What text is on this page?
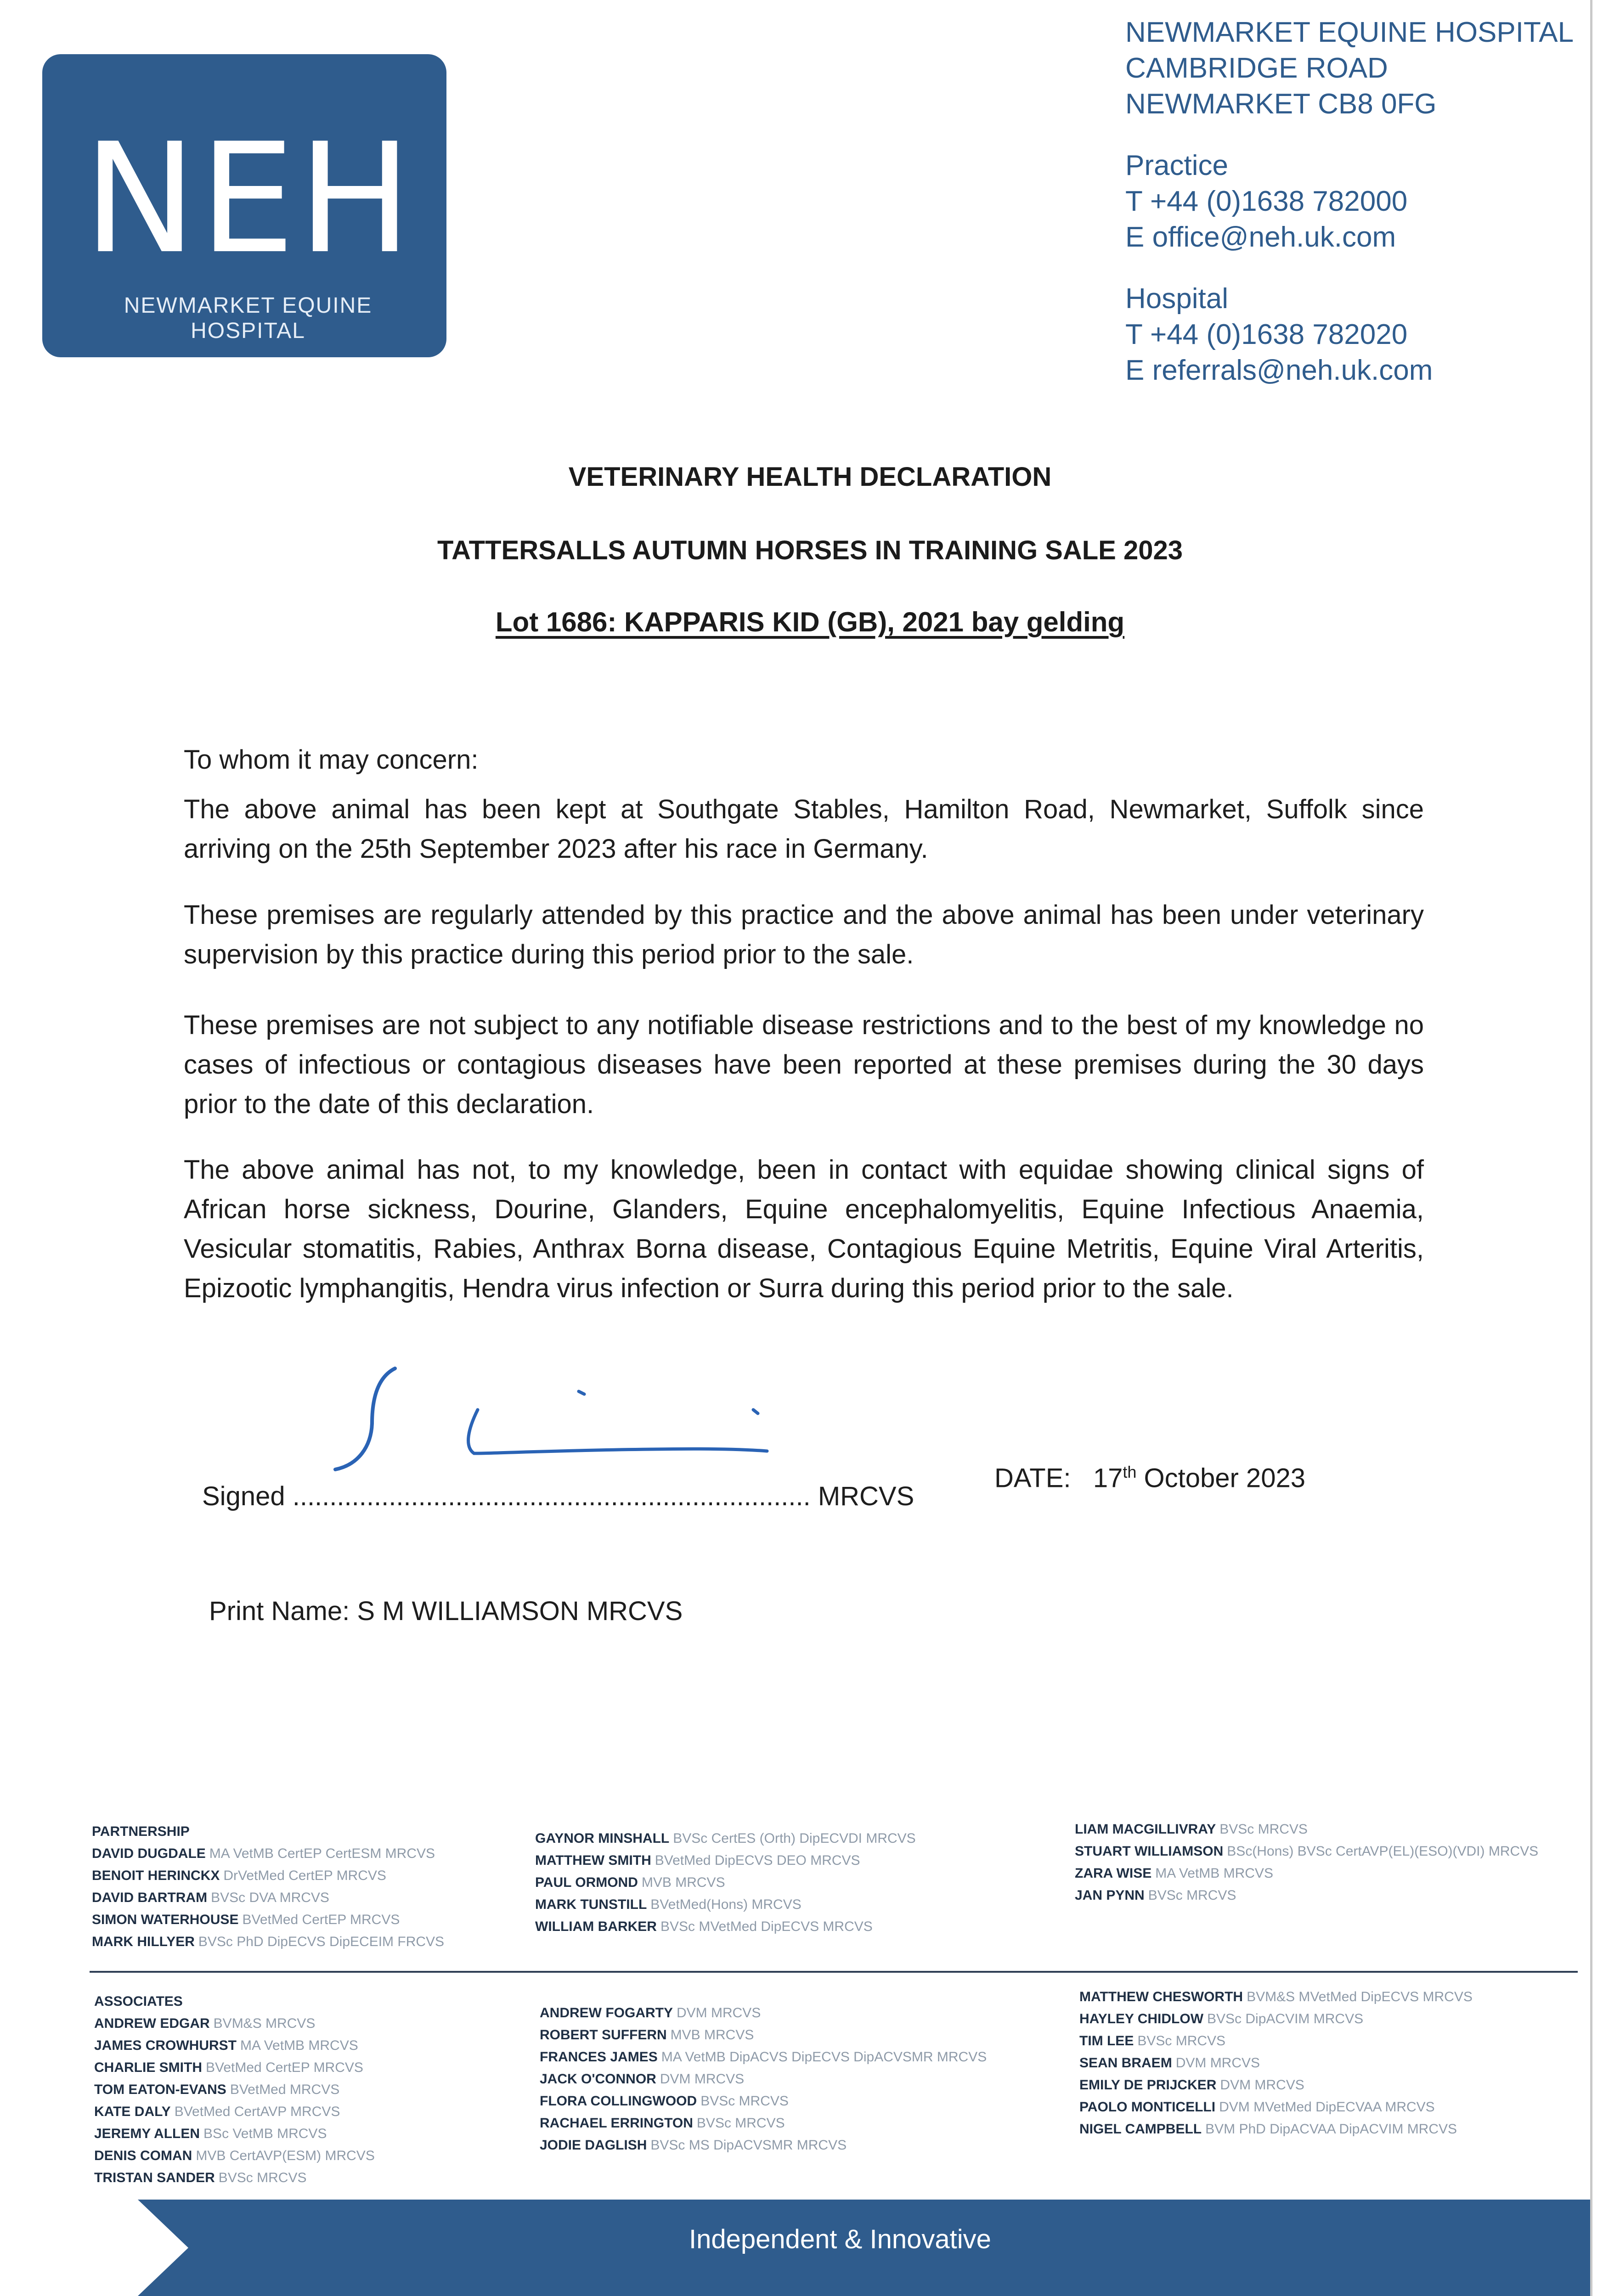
NEH
NEWMARKET EQUINE HOSPITAL
NEWMARKET EQUINE HOSPITAL
CAMBRIDGE ROAD
NEWMARKET CB8 0FG
Practice
T +44 (0)1638 782000
E office@neh.uk.com
Hospital
T +44 (0)1638 782020
E referrals@neh.uk.com
VETERINARY HEALTH DECLARATION
TATTERSALLS AUTUMN HORSES IN TRAINING SALE 2023
Lot 1686: KAPPARIS KID (GB), 2021 bay gelding
To whom it may concern:
The above animal has been kept at Southgate Stables, Hamilton Road, Newmarket, Suffolk since arriving on the 25th September 2023 after his race in Germany.
These premises are regularly attended by this practice and the above animal has been under veterinary supervision by this practice during this period prior to the sale.
These premises are not subject to any notifiable disease restrictions and to the best of my knowledge no cases of infectious or contagious diseases have been reported at these premises during the 30 days prior to the date of this declaration.
The above animal has not, to my knowledge, been in contact with equidae showing clinical signs of African horse sickness, Dourine, Glanders, Equine encephalomyelitis, Equine Infectious Anaemia, Vesicular stomatitis, Rabies, Anthrax Borna disease, Contagious Equine Metritis, Equine Viral Arteritis, Epizootic lymphangitis, Hendra virus infection or Surra during this period prior to the sale.
Signed ...................................................................... MRCVS
DATE: 17th October 2023
Print Name: S M WILLIAMSON MRCVS
PARTNERSHIP
DAVID DUGDALE MA VetMB CertEP CertESM MRCVS
BENOIT HERINCKX DrVetMed CertEP MRCVS
DAVID BARTRAM BVSc DVA MRCVS
SIMON WATERHOUSE BVetMed CertEP MRCVS
MARK HILLYER BVSc PhD DipECVS DipECEIM FRCVS
GAYNOR MINSHALL BVSc CertES (Orth) DipECVDI MRCVS
MATTHEW SMITH BVetMed DipECVS DEO MRCVS
PAUL ORMOND MVB MRCVS
MARK TUNSTILL BVetMed(Hons) MRCVS
WILLIAM BARKER BVSc MVetMed DipECVS MRCVS
LIAM MACGILLIVRAY BVSc MRCVS
STUART WILLIAMSON BSc(Hons) BVSc CertAVP(EL)(ESO)(VDI) MRCVS
ZARA WISE MA VetMB MRCVS
JAN PYNN BVSc MRCVS
ASSOCIATES
ANDREW EDGAR BVM&S MRCVS
JAMES CROWHURST MA VetMB MRCVS
CHARLIE SMITH BVetMed CertEP MRCVS
TOM EATON-EVANS BVetMed MRCVS
KATE DALY BVetMed CertAVP MRCVS
JEREMY ALLEN BSc VetMB MRCVS
DENIS COMAN MVB CertAVP(ESM) MRCVS
TRISTAN SANDER BVSc MRCVS
ANDREW FOGARTY DVM MRCVS
ROBERT SUFFERN MVB MRCVS
FRANCES JAMES MA VetMB DipACVS DipECVS DipACVSMR MRCVS
JACK O'CONNOR DVM MRCVS
FLORA COLLINGWOOD BVSc MRCVS
RACHAEL ERRINGTON BVSc MRCVS
JODIE DAGLISH BVSc MS DipACVSMR MRCVS
MATTHEW CHESWORTH BVM&S MVetMed DipECVS MRCVS
HAYLEY CHIDLOW BVSc DipACVIM MRCVS
TIM LEE BVSc MRCVS
SEAN BRAEM DVM MRCVS
EMILY DE PRIJCKER DVM MRCVS
PAOLO MONTICELLI DVM MVetMed DipECVAA MRCVS
NIGEL CAMPBELL BVM PhD DipACVAA DipACVIM MRCVS
Independent & Innovative
